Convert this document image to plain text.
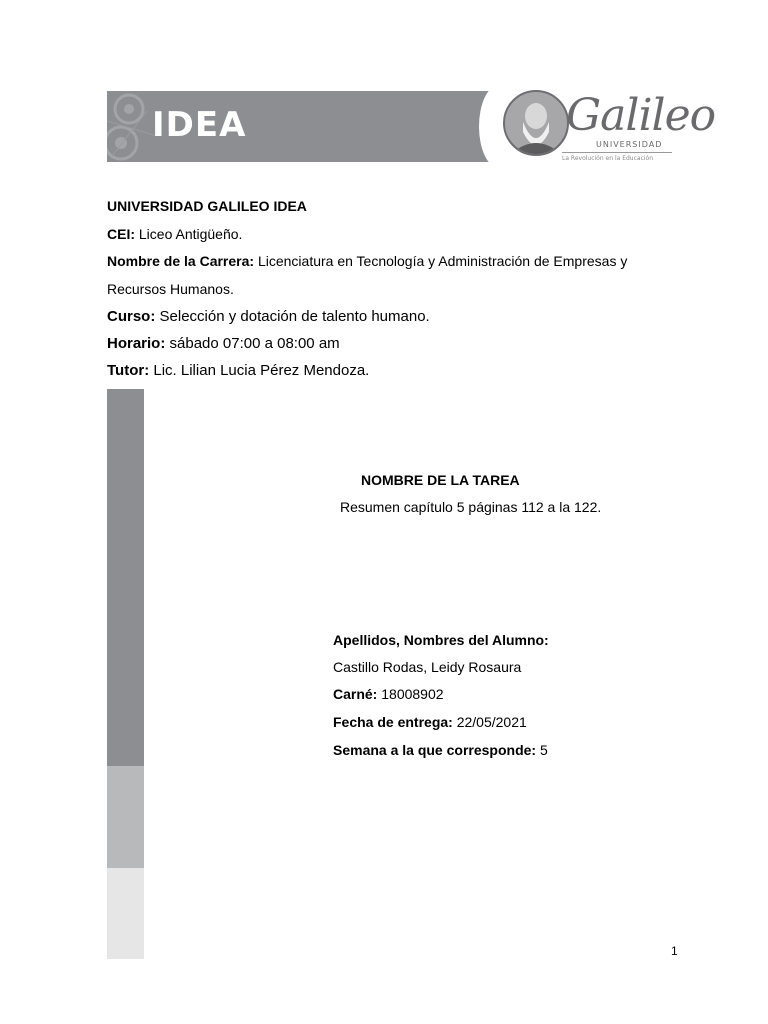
IDEA	Galileo
UNIVERSIDAD
La Revolución en la Educación
UNIVERSIDAD GALILEO IDEA
CEI: Liceo Antigüeño.
Nombre de la Carrera: Licenciatura en Tecnología y Administración de Empresas y
Recursos Humanos.
Curso: Selección y dotación de talento humano.
Horario: sábado 07:00 a 08:00 am
Tutor: Lic. Lilian Lucia Pérez Mendoza.
NOMBRE DE LA TAREA
Resumen capítulo 5 páginas 112 a la 122.
Apellidos, Nombres del Alumno:
Castillo Rodas, Leidy Rosaura
Carné: 18008902
Fecha de entrega: 22/05/2021
Semana a la que corresponde: 5
1
